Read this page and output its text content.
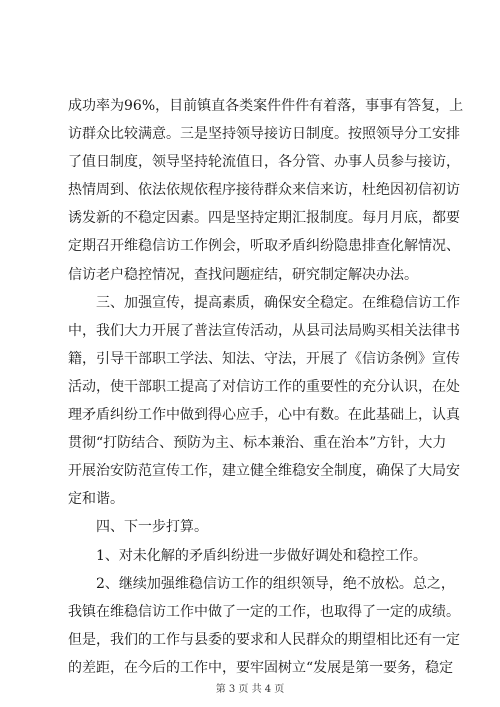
成功率为96%，目前镇直各类案件件件有着落，事事有答复，上
访群众比较满意。三是坚持领导接访日制度。按照领导分工安排
了值日制度，领导坚持轮流值日，各分管、办事人员参与接访，
热情周到、依法依规依程序接待群众来信来访，杜绝因初信初访
诱发新的不稳定因素。四是坚持定期汇报制度。每月月底，都要
定期召开维稳信访工作例会，听取矛盾纠纷隐患排查化解情况、
信访老户稳控情况，查找问题症结，研究制定解决办法。
三、加强宣传，提高素质，确保安全稳定。在维稳信访工作
中，我们大力开展了普法宣传活动，从县司法局购买相关法律书
籍，引导干部职工学法、知法、守法，开展了《信访条例》宣传
活动，使干部职工提高了对信访工作的重要性的充分认识，在处
理矛盾纠纷工作中做到得心应手，心中有数。在此基础上，认真
贯彻“打防结合、预防为主、标本兼治、重在治本”方针，大力
开展治安防范宣传工作，建立健全维稳安全制度，确保了大局安
定和谐。
四、下一步打算。
1、对未化解的矛盾纠纷进一步做好调处和稳控工作。
2、继续加强维稳信访工作的组织领导，绝不放松。总之，
我镇在维稳信访工作中做了一定的工作，也取得了一定的成绩。
但是，我们的工作与县委的要求和人民群众的期望相比还有一定
的差距，在今后的工作中，要牢固树立“发展是第一要务，稳定
第 3 页 共 4 页
